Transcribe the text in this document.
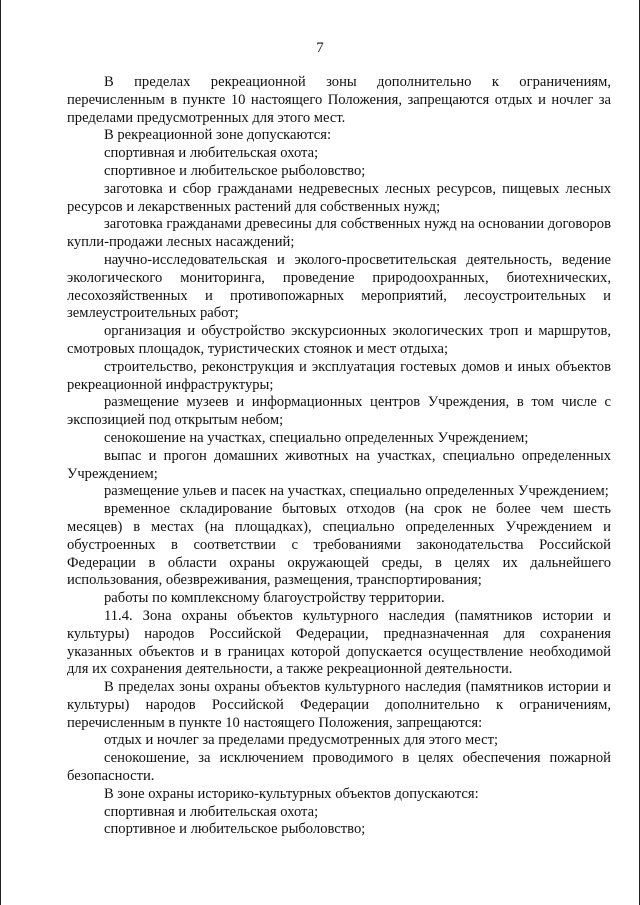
7

В пределах рекреационной зоны дополнительно к ограничениям, перечисленным в пункте 10 настоящего Положения, запрещаются отдых и ночлег за пределами предусмотренных для этого мест.

В рекреационной зоне допускаются:

спортивная и любительская охота;

спортивное и любительское рыболовство;

заготовка и сбор гражданами недревесных лесных ресурсов, пищевых лесных ресурсов и лекарственных растений для собственных нужд;

заготовка гражданами древесины для собственных нужд на основании договоров купли-продажи лесных насаждений;

научно-исследовательская и эколого-просветительская деятельность, ведение экологического мониторинга, проведение природоохранных, биотехнических, лесохозяйственных и противопожарных мероприятий, лесоустроительных и землеустроительных работ;

организация и обустройство экскурсионных экологических троп и маршрутов, смотровых площадок, туристических стоянок и мест отдыха;

строительство, реконструкция и эксплуатация гостевых домов и иных объектов рекреационной инфраструктуры;

размещение музеев и информационных центров Учреждения, в том числе с экспозицией под открытым небом;

сенокошение на участках, специально определенных Учреждением;

выпас и прогон домашних животных на участках, специально определенных Учреждением;

размещение ульев и пасек на участках, специально определенных Учреждением;

временное складирование бытовых отходов (на срок не более чем шесть месяцев) в местах (на площадках), специально определенных Учреждением и обустроенных в соответствии с требованиями законодательства Российской Федерации в области охраны окружающей среды, в целях их дальнейшего использования, обезвреживания, размещения, транспортирования;

работы по комплексному благоустройству территории.

11.4. Зона охраны объектов культурного наследия (памятников истории и культуры) народов Российской Федерации, предназначенная для сохранения указанных объектов и в границах которой допускается осуществление необходимой для их сохранения деятельности, а также рекреационной деятельности.

В пределах зоны охраны объектов культурного наследия (памятников истории и культуры) народов Российской Федерации дополнительно к ограничениям, перечисленным в пункте 10 настоящего Положения, запрещаются:

отдых и ночлег за пределами предусмотренных для этого мест;

сенокошение, за исключением проводимого в целях обеспечения пожарной безопасности.

В зоне охраны историко-культурных объектов допускаются:

спортивная и любительская охота;

спортивное и любительское рыболовство;
